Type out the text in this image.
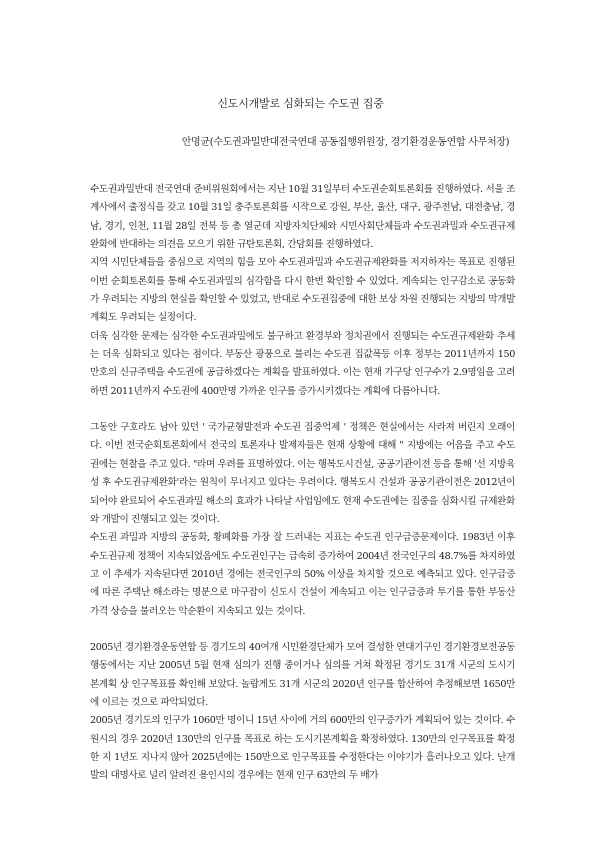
신도시개발로 심화되는 수도권 집중
안명균(수도권과밀반대전국연대 공동집행위원장, 경기환경운동연합 사무처장)

수도권과밀반대 전국연대 준비위원회에서는 지난 10월 31일부터 수도권순회토론회를 진행하였다. 서울 조계사에서 출정식을 갖고 10월 31일 충주토론회를 시작으로 강원, 부산, 울산, 대구, 광주전남, 대전충남, 경남, 경기, 인천, 11월 28일 전북 등 총 열군데 지방자치단체와 시민사회단체들과 수도권과밀과 수도권규제완화에 반대하는 의견을 모으기 위한 규탄토론회, 간담회를 진행하였다.

지역 시민단체들을 중심으로 지역의 힘을 모아 수도권과밀과 수도권규제완화를 저지하자는 목표로 진행된 이번 순회토론회를 통해 수도권과밀의 심각함을 다시 한번 확인할 수 있었다. 계속되는 인구감소로 공동화가 우려되는 지방의 현실을 확인할 수 있었고, 반대로 수도권집중에 대한 보상 차원 진행되는 지방의 막개발 계획도 우려되는 실정이다.

더욱 심각한 문제는 심각한 수도권과밀에도 불구하고 환경부와 정치권에서 진행되는 수도권규제완화 추세는 더욱 심화되고 있다는 점이다. 부동산 광풍으로 불리는 수도권 집값폭등 이후 정부는 2011년까지 150만호의 신규주택을 수도권에 공급하겠다는 계획을 발표하였다. 이는 현재 가구당 인구수가 2.9명임을 고려하면 2011년까지 수도권에 400만명 가까운 인구를 증가시키겠다는 계획에 다름아니다.

그동안 구호라도 남아 있던 ' 국가균형발전과 수도권 집중억제 ' 정책은 현실에서는 사라져 버린지 오래이다. 이번 전국순회토론회에서 전국의 토론자나 발제자들은 현재 상황에 대해 " 지방에는 어음을 주고 수도권에는 현찰을 주고 있다. "라며 우려를 표명하였다. 이는 행복도시건설, 공공기관이전 등을 통해 '선 지방육성 후 수도권규제완화'라는 원칙이 무너지고 있다는 우려이다. 행복도시 건설과 공공기관이전은 2012년이 되어야 완료되어 수도권과밀 해소의 효과가 나타날 사업임에도 현재 수도권에는 집중을 심화시킬 규제완화와 개발이 진행되고 있는 것이다.

수도권 과밀과 지방의 공동화, 황폐화를 가장 잘 드러내는 지표는 수도권 인구급증문제이다. 1983년 이후 수도권규제 정책이 지속되었음에도 수도권인구는 급속히 증가하여 2004년 전국인구의 48.7%를 차지하였고 이 추세가 지속된다면 2010년 경에는 전국인구의 50% 이상을 차지할 것으로 예측되고 있다. 인구급증에 따른 주택난 해소라는 명분으로 마구잡이 신도시 건설이 계속되고 이는 인구급증과 투기를 통한 부동산가격 상승을 불러오는 악순환이 지속되고 있는 것이다.

2005년 경기환경운동연합 등 경기도의 40여개 시민환경단체가 모여 결성한 연대기구인 경기환경보전공동행동에서는 지난 2005년 5월 현재 심의가 진행 중이거나 심의를 거쳐 확정된 경기도 31개 시군의 도시기본계획 상 인구목표를 확인해 보았다. 놀랍게도 31개 시군의 2020년 인구를 합산하여 추정해보면 1650만에 이르는 것으로 파악되었다.

2005년 경기도의 인구가 1060만 명이니 15년 사이에 거의 600만의 인구증가가 계획되어 있는 것이다. 수원시의 경우 2020년 130만의 인구를 목표로 하는 도시기본계획을 확정하였다. 130만의 인구목표를 확정한 지 1년도 지나지 않아 2025년에는 150만으로 인구목표를 수정한다는 이야기가 흘러나오고 있다. 난개발의 대명사로 널리 알려진 용인시의 경우에는 현재 인구 63만의 두 배가
